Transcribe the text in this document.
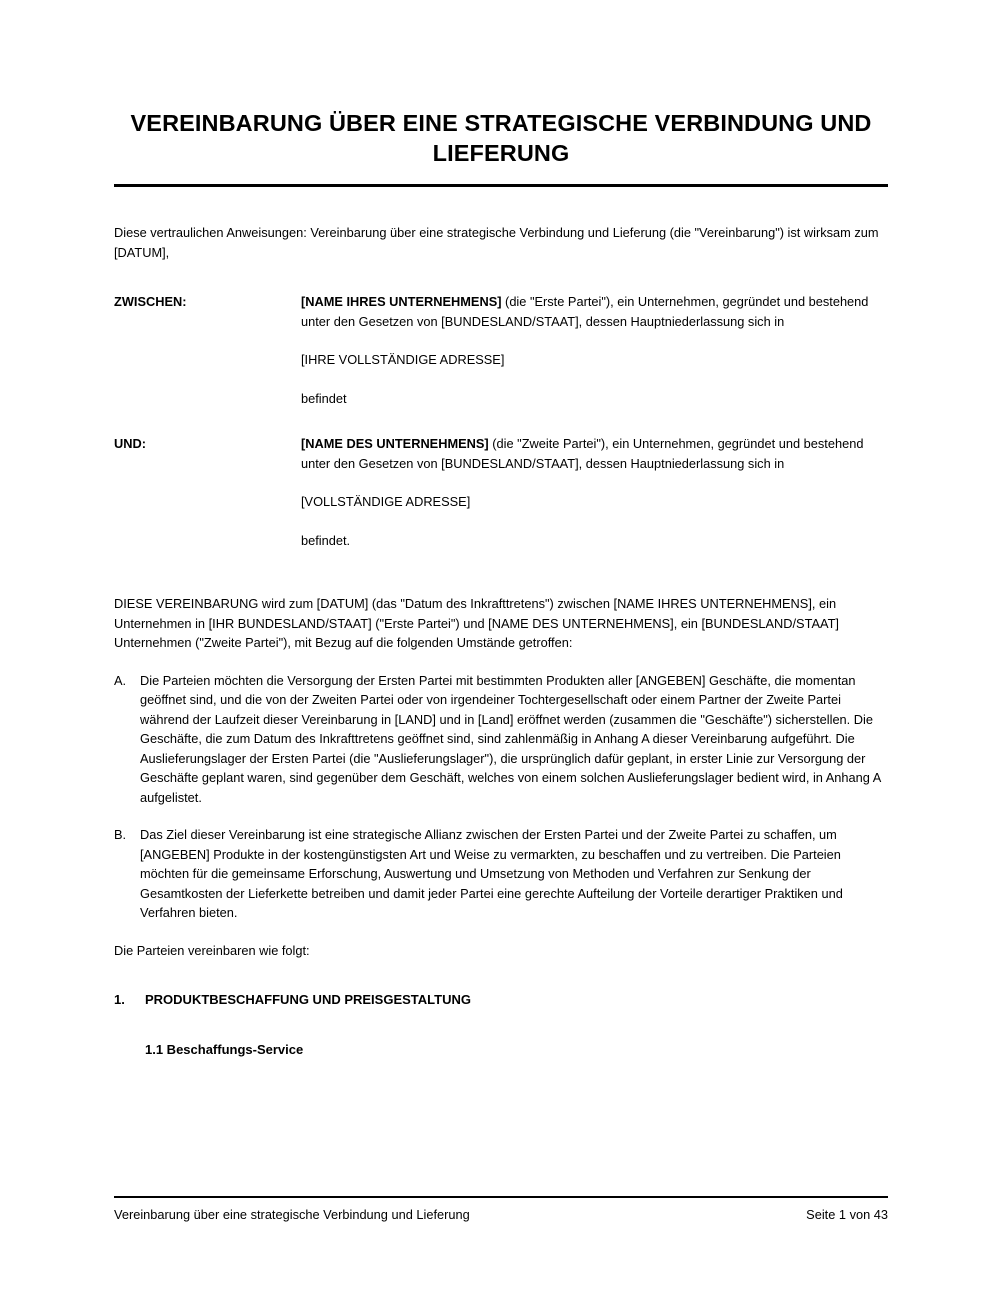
VEREINBARUNG ÜBER EINE STRATEGISCHE VERBINDUNG UND LIEFERUNG

Diese vertraulichen Anweisungen: Vereinbarung über eine strategische Verbindung und Lieferung (die "Vereinbarung") ist wirksam zum [DATUM],

ZWISCHEN:	[NAME IHRES UNTERNEHMENS] (die "Erste Partei"), ein Unternehmen, gegründet und bestehend unter den Gesetzen von [BUNDESLAND/STAAT], dessen Hauptniederlassung sich in
[IHRE VOLLSTÄNDIGE ADRESSE]
befindet
UND:	[NAME DES UNTERNEHMENS] (die "Zweite Partei"), ein Unternehmen, gegründet und bestehend unter den Gesetzen von [BUNDESLAND/STAAT], dessen Hauptniederlassung sich in
[VOLLSTÄNDIGE ADRESSE]
befindet.

DIESE VEREINBARUNG wird zum [DATUM] (das "Datum des Inkrafttretens") zwischen [NAME IHRES UNTERNEHMENS], ein Unternehmen in [IHR BUNDESLAND/STAAT] ("Erste Partei") und [NAME DES UNTERNEHMENS], ein [BUNDESLAND/STAAT] Unternehmen ("Zweite Partei"), mit Bezug auf die folgenden Umstände getroffen:

A.	Die Parteien möchten die Versorgung der Ersten Partei mit bestimmten Produkten aller [ANGEBEN] Geschäfte, die momentan geöffnet sind, und die von der Zweiten Partei oder von irgendeiner Tochtergesellschaft oder einem Partner der Zweite Partei während der Laufzeit dieser Vereinbarung in [LAND] und in [Land] eröffnet werden (zusammen die "Geschäfte") sicherstellen. Die Geschäfte, die zum Datum des Inkrafttretens geöffnet sind, sind zahlenmäßig in Anhang A dieser Vereinbarung aufgeführt. Die Auslieferungslager der Ersten Partei (die "Auslieferungslager"), die ursprünglich dafür geplant, in erster Linie zur Versorgung der Geschäfte geplant waren, sind gegenüber dem Geschäft, welches von einem solchen Auslieferungslager bedient wird, in Anhang A aufgelistet.
B.	Das Ziel dieser Vereinbarung ist eine strategische Allianz zwischen der Ersten Partei und der Zweite Partei zu schaffen, um [ANGEBEN] Produkte in der kostengünstigsten Art und Weise zu vermarkten, zu beschaffen und zu vertreiben. Die Parteien möchten für die gemeinsame Erforschung, Auswertung und Umsetzung von Methoden und Verfahren zur Senkung der Gesamtkosten der Lieferkette betreiben und damit jeder Partei eine gerechte Aufteilung der Vorteile derartiger Praktiken und Verfahren bieten.

Die Parteien vereinbaren wie folgt:

1.	PRODUKTBESCHAFFUNG UND PREISGESTALTUNG
1.1 Beschaffungs-Service
Vereinbarung über eine strategische Verbindung und Lieferung	Seite 1 von 43
